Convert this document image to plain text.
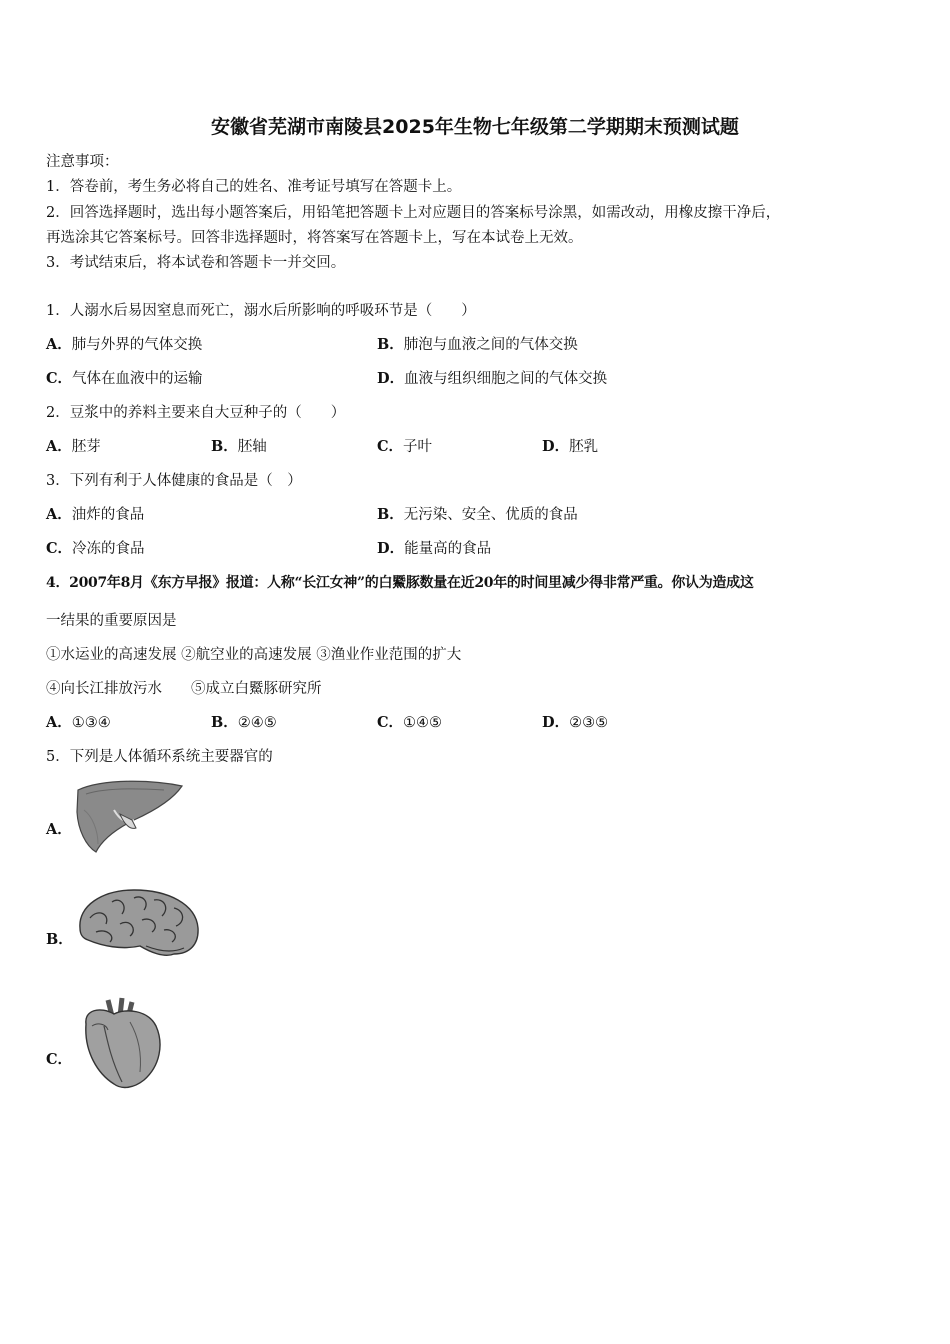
安徽省芜湖市南陵县2025年生物七年级第二学期期末预测试题
注意事项：
1．答卷前，考生务必将自己的姓名、准考证号填写在答题卡上。
2．回答选择题时，选出每小题答案后，用铅笔把答题卡上对应题目的答案标号涂黑，如需改动，用橡皮擦干净后，
再选涂其它答案标号。回答非选择题时，将答案写在答题卡上，写在本试卷上无效。
3．考试结束后，将本试卷和答题卡一并交回。
1．人溺水后易因窒息而死亡，溺水后所影响的呼吸环节是（　　）
A．肺与外界的气体交换	B．肺泡与血液之间的气体交换
C．气体在血液中的运输	D．血液与组织细胞之间的气体交换
2．豆浆中的养料主要来自大豆种子的（　　）
A．胚芽	B．胚轴	C．子叶	D．胚乳
3．下列有利于人体健康的食品是（　）
A．油炸的食品	B．无污染、安全、优质的食品
C．冷冻的食品	D．能量高的食品
4．2007年8月《东方早报》报道：人称“长江女神”的白鱀豚数量在近20年的时间里减少得非常严重。你认为造成这
一结果的重要原因是
①水运业的高速发展 ②航空业的高速发展 ③渔业作业范围的扩大
④向长江排放污水　　⑤成立白鱀豚研究所
A．①③④	B．②④⑤	C．①④⑤	D．②③⑤
5．下列是人体循环系统主要器官的
A．
B．
C．
